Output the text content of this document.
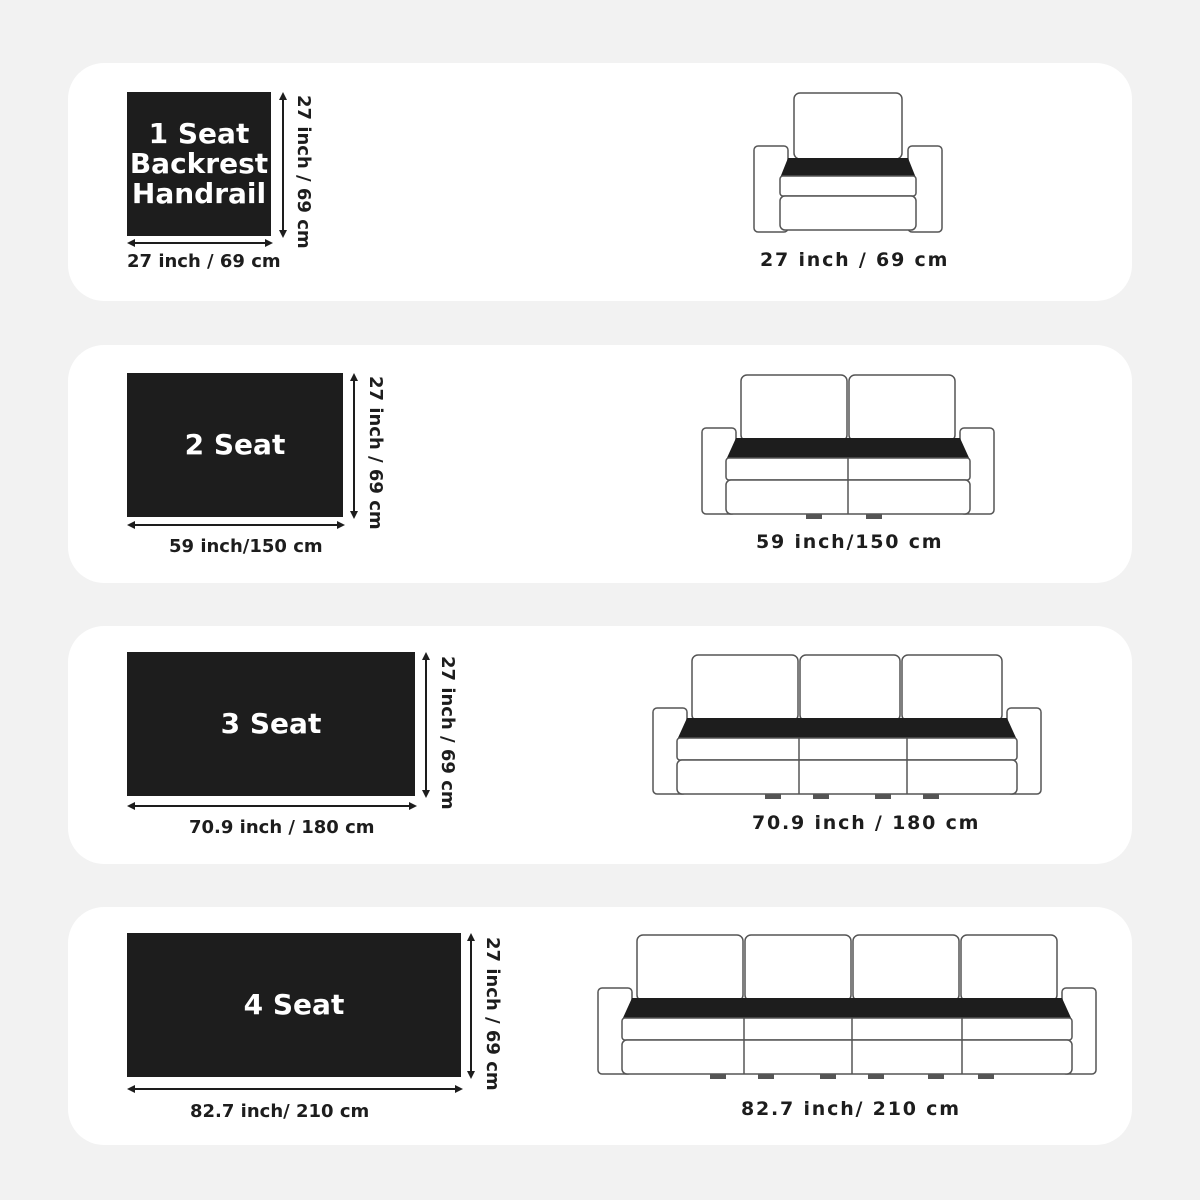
1 Seat
Backrest
Handrail
27 inch / 69 cm
27 inch / 69 cm
27 inch / 69 cm
2 Seat
59 inch/150 cm
27 inch / 69 cm
59 inch/150 cm
3 Seat
70.9 inch / 180 cm
27 inch / 69 cm
70.9 inch / 180 cm
4 Seat
82.7 inch/ 210 cm
27 inch / 69 cm
82.7 inch/ 210 cm
